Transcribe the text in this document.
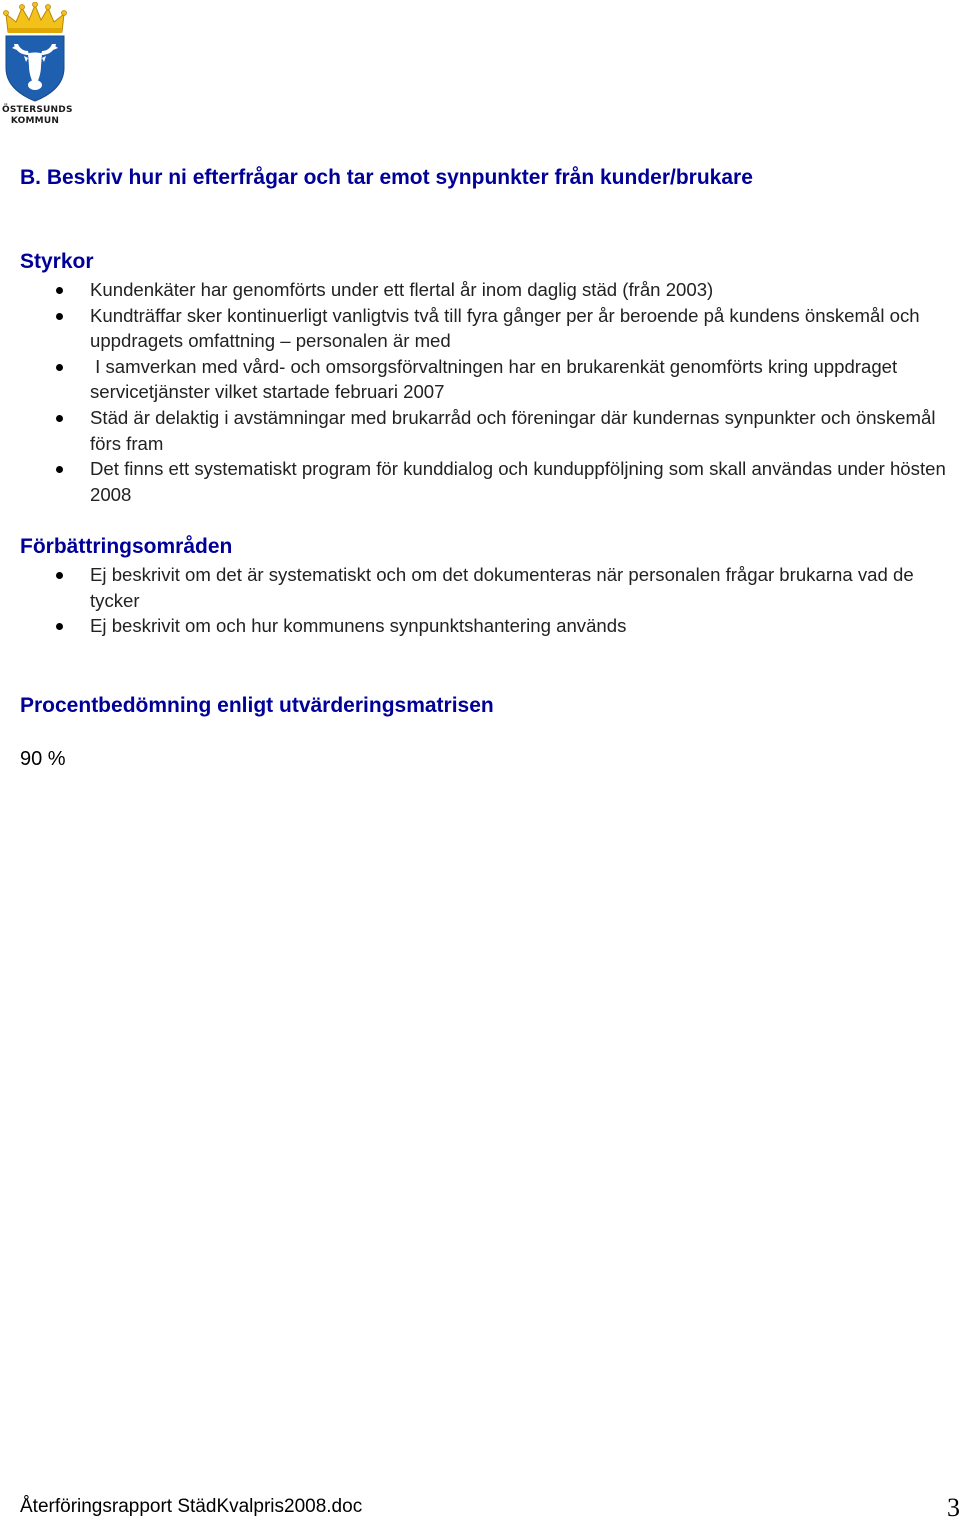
ÖSTERSUNDS
KOMMUN
B. Beskriv hur ni efterfrågar och tar emot synpunkter från kunder/brukare
Styrkor
Kundenkäter har genomförts under ett flertal år inom daglig städ (från 2003)
Kundträffar sker kontinuerligt vanligtvis två till fyra gånger per år beroende på kundens önskemål och uppdragets omfattning – personalen är med
I samverkan med vård- och omsorgsförvaltningen har en brukarenkät genomförts kring uppdraget servicetjänster vilket startade februari 2007
Städ är delaktig i avstämningar med brukarråd och föreningar där kundernas synpunkter och önskemål förs fram
Det finns ett systematiskt program för kunddialog och kunduppföljning som skall användas under hösten 2008
Förbättringsområden
Ej beskrivit om det är systematiskt och om det dokumenteras när personalen frågar brukarna vad de tycker
Ej beskrivit om och hur kommunens synpunktshantering används
Procentbedömning enligt utvärderingsmatrisen

90 %

Återföringsrapport StädKvalpris2008.doc	3
